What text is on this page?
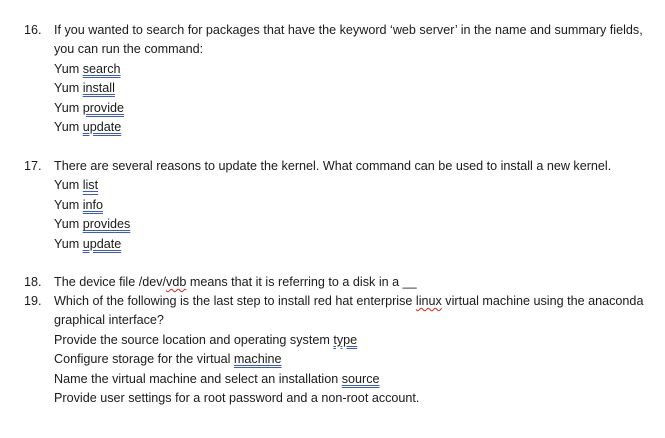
16. If you wanted to search for packages that have the keyword ‘web server’ in the name and summary fields, you can run the command:
Yum search
Yum install
Yum provide
Yum update
17. There are several reasons to update the kernel. What command can be used to install a new kernel.
Yum list
Yum info
Yum provides
Yum update
18. The device file /dev/vdb means that it is referring to a disk in a __
19. Which of the following is the last step to install red hat enterprise linux virtual machine using the anaconda graphical interface?
Provide the source location and operating system type
Configure storage for the virtual machine
Name the virtual machine and select an installation source
Provide user settings for a root password and a non-root account.
